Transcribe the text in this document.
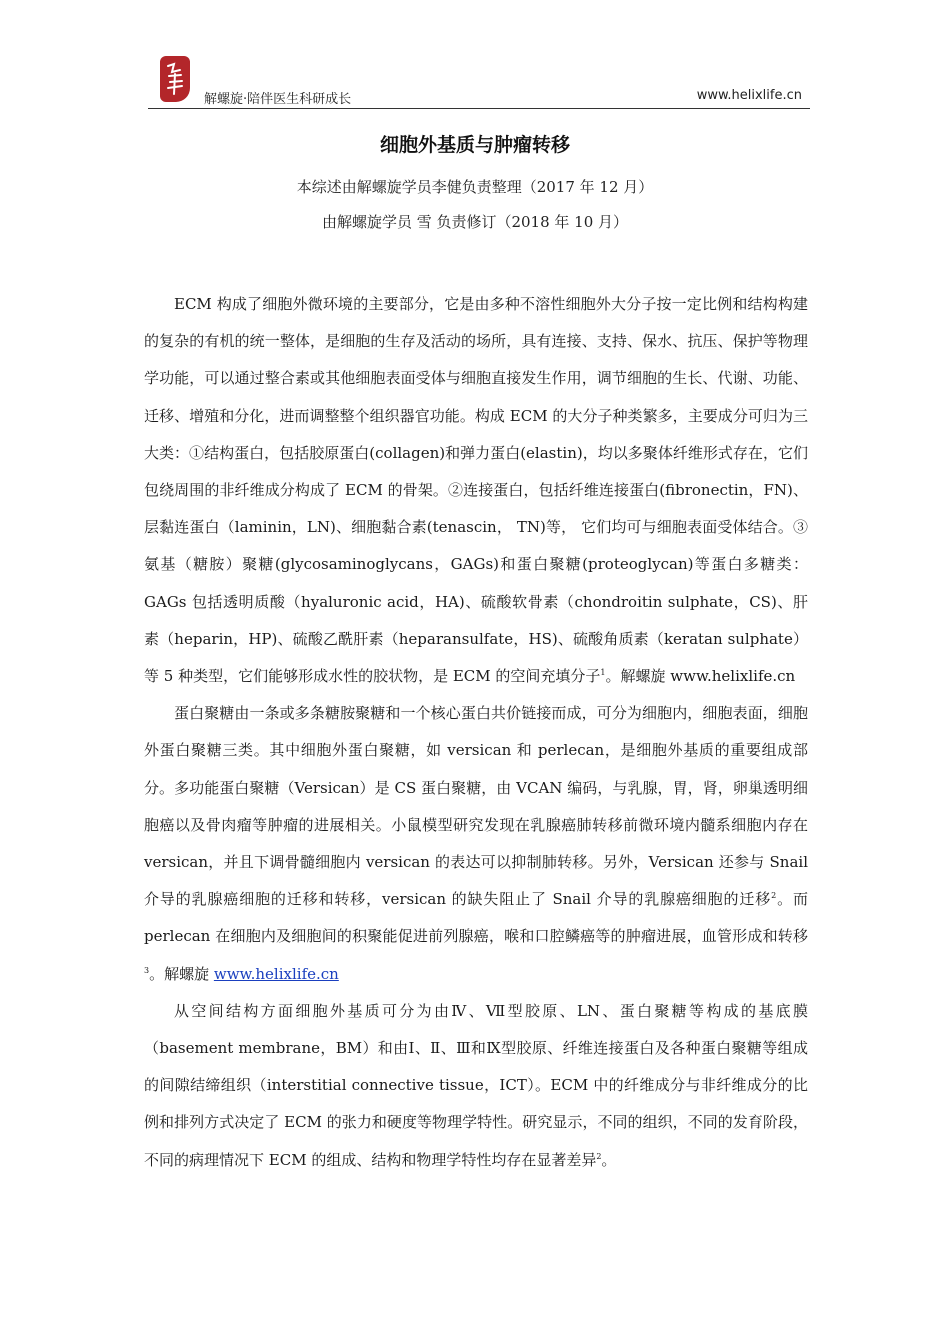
解螺旋·陪伴医生科研成长	www.helixlife.cn
细胞外基质与肿瘤转移
本综述由解螺旋学员李健负责整理（2017 年 12 月）
由解螺旋学员 雪 负责修订（2018 年 10 月）

ECM 构成了细胞外微环境的主要部分，它是由多种不溶性细胞外大分子按一定比例和结构构建的复杂的有机的统一整体，是细胞的生存及活动的场所，具有连接、支持、保水、抗压、保护等物理学功能，可以通过整合素或其他细胞表面受体与细胞直接发生作用，调节细胞的生长、代谢、功能、迁移、增殖和分化，进而调整整个组织器官功能。构成 ECM 的大分子种类繁多，主要成分可归为三大类：①结构蛋白，包括胶原蛋白(collagen)和弹力蛋白(elastin)，均以多聚体纤维形式存在，它们包绕周围的非纤维成分构成了 ECM 的骨架。②连接蛋白，包括纤维连接蛋白(fibronectin，FN)、层黏连蛋白（laminin，LN)、细胞黏合素(tenascin， TN)等， 它们均可与细胞表面受体结合。③氨基（糖胺）聚糖(glycosaminoglycans，GAGs)和蛋白聚糖(proteoglycan)等蛋白多糖类：GAGs 包括透明质酸（hyaluronic acid，HA)、硫酸软骨素（chondroitin sulphate，CS)、肝素（heparin，HP)、硫酸乙酰肝素（heparansulfate，HS)、硫酸角质素（keratan sulphate）等 5 种类型，它们能够形成水性的胶状物，是 ECM 的空间充填分子$^1$。解螺旋 www.helixlife.cn

蛋白聚糖由一条或多条糖胺聚糖和一个核心蛋白共价链接而成，可分为细胞内，细胞表面，细胞外蛋白聚糖三类。其中细胞外蛋白聚糖，如 versican 和 perlecan，是细胞外基质的重要组成部分。多功能蛋白聚糖（Versican）是 CS 蛋白聚糖，由 VCAN 编码，与乳腺，胃，肾，卵巢透明细胞癌以及骨肉瘤等肿瘤的进展相关。小鼠模型研究发现在乳腺癌肺转移前微环境内髓系细胞内存在 versican，并且下调骨髓细胞内 versican 的表达可以抑制肺转移。另外，Versican 还参与 Snail 介导的乳腺癌细胞的迁移和转移，versican 的缺失阻止了 Snail 介导的乳腺癌细胞的迁移$^2$。而 perlecan 在细胞内及细胞间的积聚能促进前列腺癌，喉和口腔鳞癌等的肿瘤进展，血管形成和转移$^3$。解螺旋 www.helixlife.cn

从空间结构方面细胞外基质可分为由Ⅳ、Ⅶ型胶原、LN、蛋白聚糖等构成的基底膜（basement membrane，BM）和由Ⅰ、Ⅱ、Ⅲ和Ⅸ型胶原、纤维连接蛋白及各种蛋白聚糖等组成的间隙结缔组织（interstitial connective tissue，ICT）。ECM 中的纤维成分与非纤维成分的比例和排列方式决定了 ECM 的张力和硬度等物理学特性。研究显示，不同的组织，不同的发育阶段，不同的病理情况下 ECM 的组成、结构和物理学特性均存在显著差异$^2$。
